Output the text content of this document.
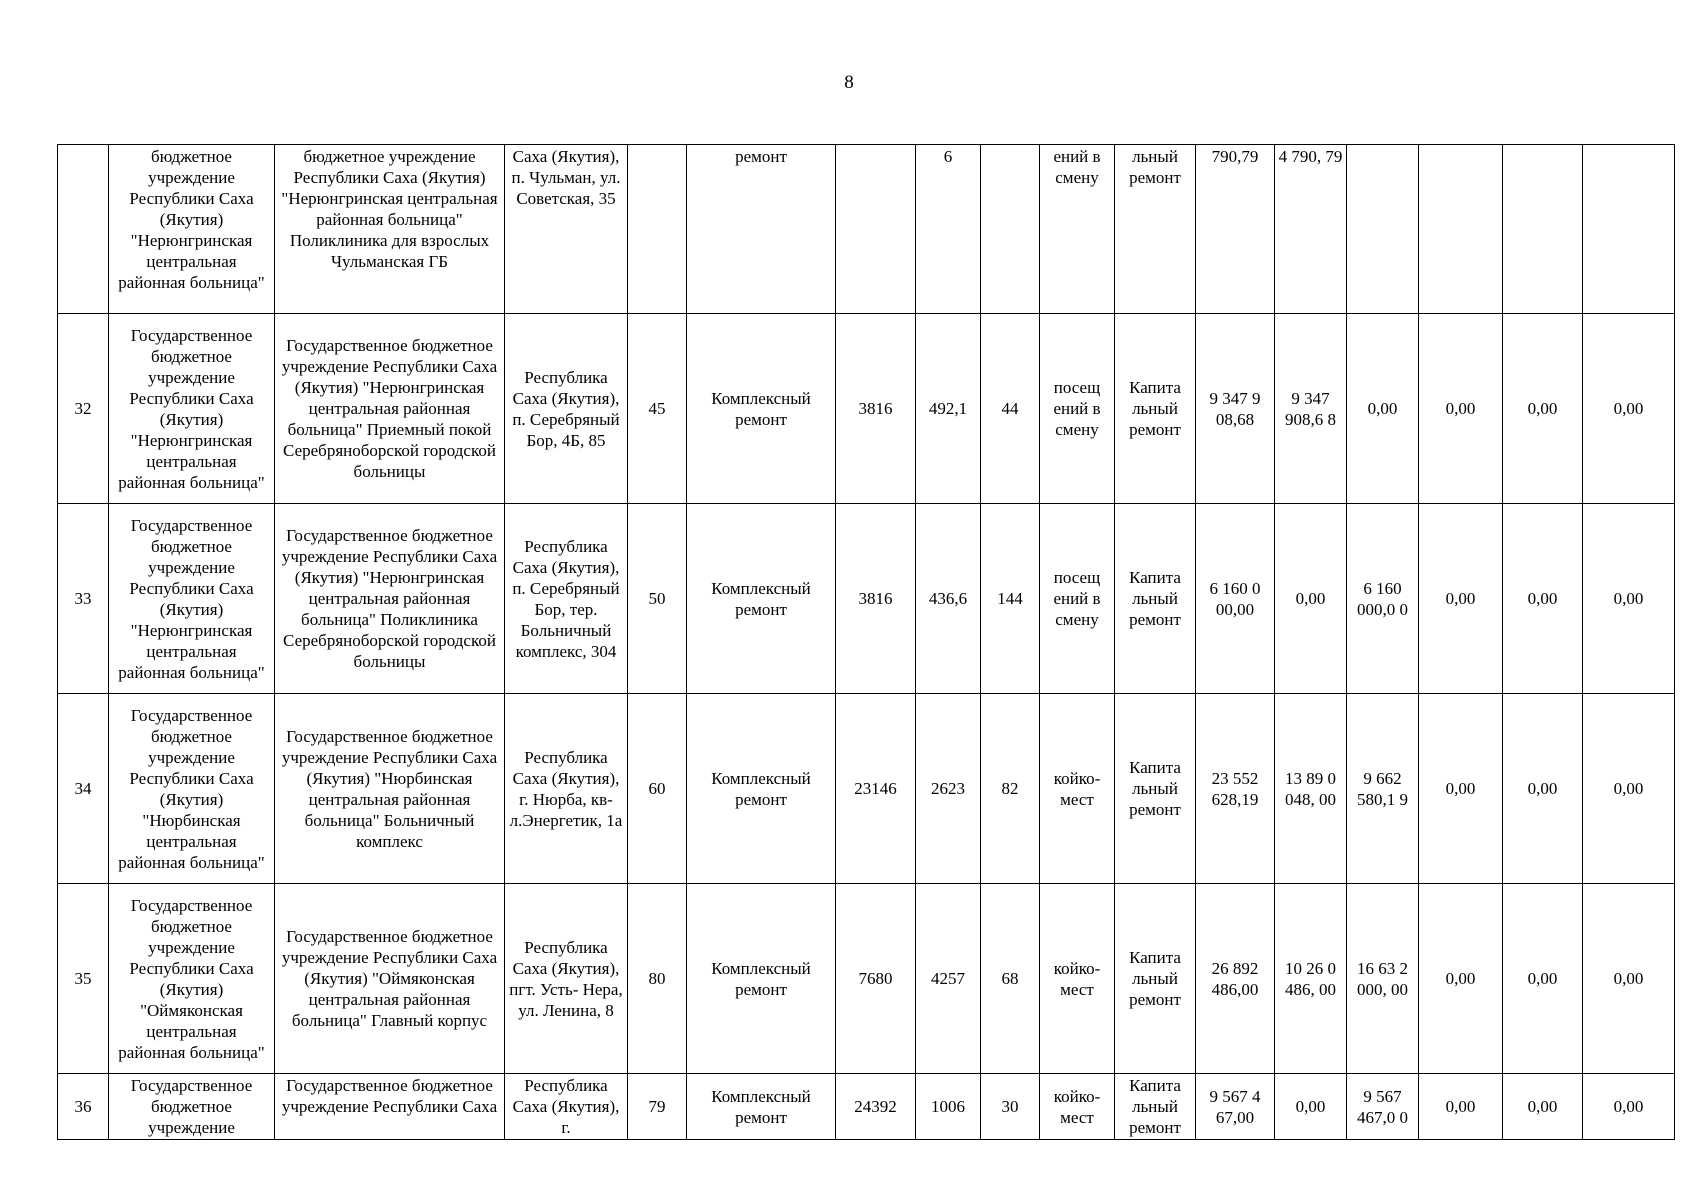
8
	бюджетное учреждение Республики Саха (Якутия) "Нерюнгринская центральная районная больница"	бюджетное учреждение Республики Саха (Якутия) "Нерюнгринская центральная районная больница" Поликлиника для взрослых Чульманская ГБ	Саха (Якутия), п. Чульман, ул. Советская, 35		ремонт		6		ений в смену	льный ремонт	790,79	4 790, 79				
32	Государственное бюджетное учреждение Республики Саха (Якутия) "Нерюнгринская центральная районная больница"	Государственное бюджетное учреждение Республики Саха (Якутия) "Нерюнгринская центральная районная больница" Приемный покой Серебряноборской городской больницы	Республика Саха (Якутия), п. Серебряный Бор, 4Б, 85	45	Комплексный ремонт	3816	492,1	44	посещ ений в смену	Капита льный ремонт	9 347 9 08,68	9 347 908,6 8	0,00	0,00	0,00	0,00
33	Государственное бюджетное учреждение Республики Саха (Якутия) "Нерюнгринская центральная районная больница"	Государственное бюджетное учреждение Республики Саха (Якутия) "Нерюнгринская центральная районная больница" Поликлиника Серебряноборской городской больницы	Республика Саха (Якутия), п. Серебряный Бор, тер. Больничный комплекс, 304	50	Комплексный ремонт	3816	436,6	144	посещ ений в смену	Капита льный ремонт	6 160 0 00,00	0,00	6 160 000,0 0	0,00	0,00	0,00
34	Государственное бюджетное учреждение Республики Саха (Якутия) "Нюрбинская центральная районная больница"	Государственное бюджетное учреждение Республики Саха (Якутия) "Нюрбинская центральная районная больница" Больничный комплекс	Республика Саха (Якутия), г. Нюрба, кв- л.Энергетик, 1а	60	Комплексный ремонт	23146	2623	82	койко- мест	Капита льный ремонт	23 552 628,19	13 89 0 048, 00	9 662 580,1 9	0,00	0,00	0,00
35	Государственное бюджетное учреждение Республики Саха (Якутия) "Оймяконская центральная районная больница"	Государственное бюджетное учреждение Республики Саха (Якутия) "Оймяконская центральная районная больница" Главный корпус	Республика Саха (Якутия), пгт. Усть- Нера, ул. Ленина, 8	80	Комплексный ремонт	7680	4257	68	койко- мест	Капита льный ремонт	26 892 486,00	10 26 0 486, 00	16 63 2 000, 00	0,00	0,00	0,00
36	Государственное бюджетное учреждение	Государственное бюджетное учреждение Республики Саха	Республика Саха (Якутия), г.	79	Комплексный ремонт	24392	1006	30	койко- мест	Капита льный ремонт	9 567 4 67,00	0,00	9 567 467,0 0	0,00	0,00	0,00
